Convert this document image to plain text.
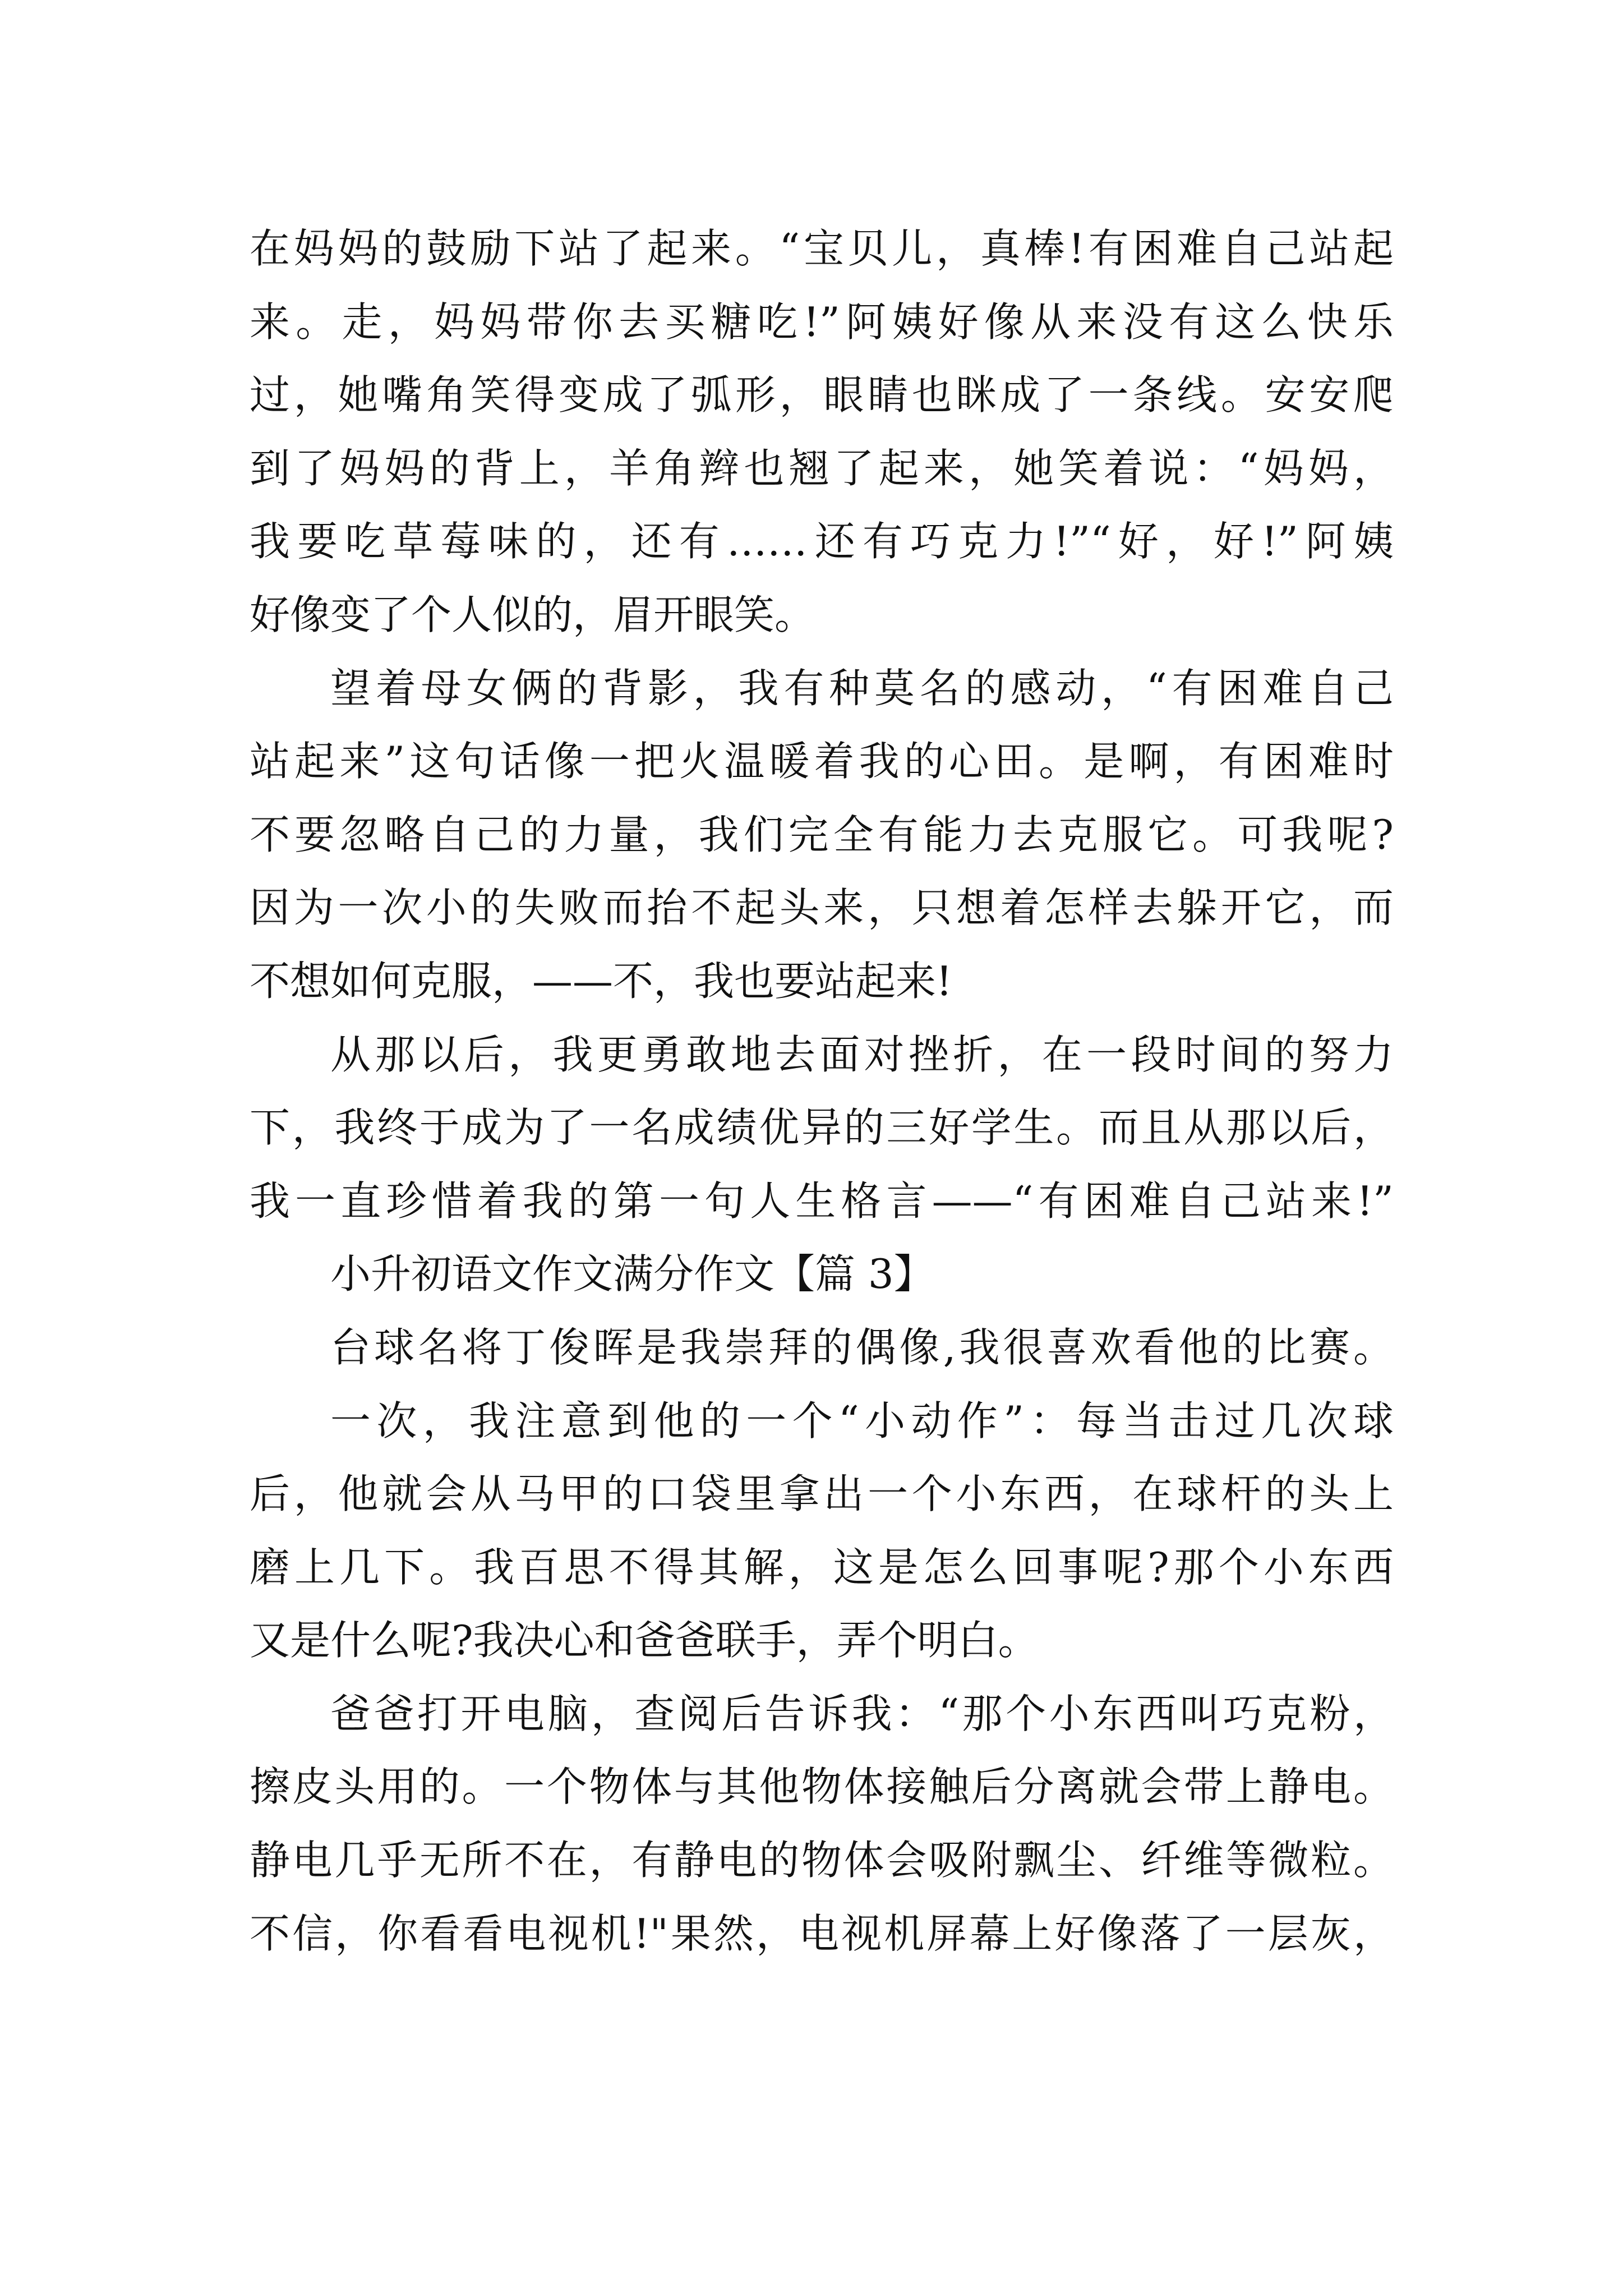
在妈妈的鼓励下站了起来。“宝贝儿，真棒!有困难自己站起
来。走，妈妈带你去买糖吃!”阿姨好像从来没有这么快乐
过，她嘴角笑得变成了弧形，眼睛也眯成了一条线。安安爬
到了妈妈的背上，羊角辫也翘了起来，她笑着说：“妈妈，
我要吃草莓味的，还有……还有巧克力!”“好，好!”阿姨
好像变了个人似的，眉开眼笑。
望着母女俩的背影，我有种莫名的感动，“有困难自己
站起来”这句话像一把火温暖着我的心田。是啊，有困难时
不要忽略自己的力量，我们完全有能力去克服它。可我呢?
因为一次小的失败而抬不起头来，只想着怎样去躲开它，而
不想如何克服，——不，我也要站起来!
从那以后，我更勇敢地去面对挫折，在一段时间的努力
下，我终于成为了一名成绩优异的三好学生。而且从那以后，
我一直珍惜着我的第一句人生格言——“有困难自己站来!”
小升初语文作文满分作文【篇 3】
台球名将丁俊晖是我崇拜的偶像,我很喜欢看他的比赛。
一次，我注意到他的一个“小动作”：每当击过几次球
后，他就会从马甲的口袋里拿出一个小东西，在球杆的头上
磨上几下。我百思不得其解，这是怎么回事呢?那个小东西
又是什么呢?我决心和爸爸联手，弄个明白。
爸爸打开电脑，查阅后告诉我：“那个小东西叫巧克粉，
擦皮头用的。一个物体与其他物体接触后分离就会带上静电。
静电几乎无所不在，有静电的物体会吸附飘尘、纤维等微粒。
不信，你看看电视机!"果然，电视机屏幕上好像落了一层灰，
